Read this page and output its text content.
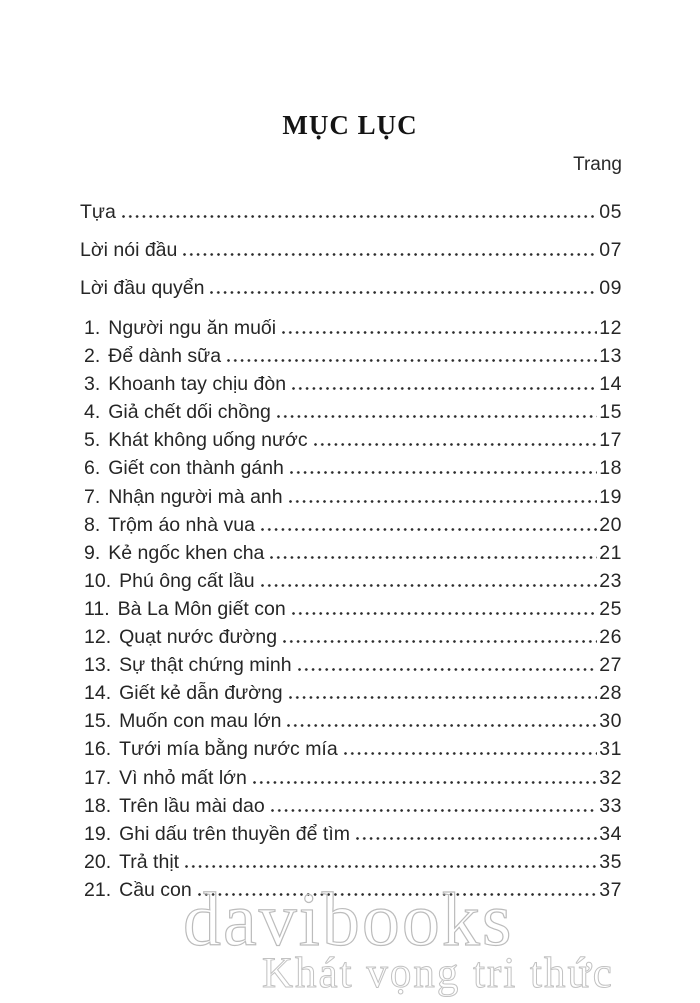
MỤC LỤC
Trang
Tựa	05
Lời nói đầu	07
Lời đầu quyển	09
1. Người ngu ăn muối	12
2. Để dành sữa	13
3. Khoanh tay chịu đòn	14
4. Giả chết dối chồng	15
5. Khát không uống nước	17
6. Giết con thành gánh	18
7. Nhận người mà anh	19
8. Trộm áo nhà vua	20
9. Kẻ ngốc khen cha	21
10. Phú ông cất lầu	23
11. Bà La Môn giết con	25
12. Quạt nước đường	26
13. Sự thật chứng minh	27
14. Giết kẻ dẫn đường	28
15. Muốn con mau lớn	30
16. Tưới mía bằng nước mía	31
17. Vì nhỏ mất lớn	32
18. Trên lầu mài dao	33
19. Ghi dấu trên thuyền để tìm	34
20. Trả thịt	35
21. Cầu con	37
davibooks
Khát vọng tri thức
